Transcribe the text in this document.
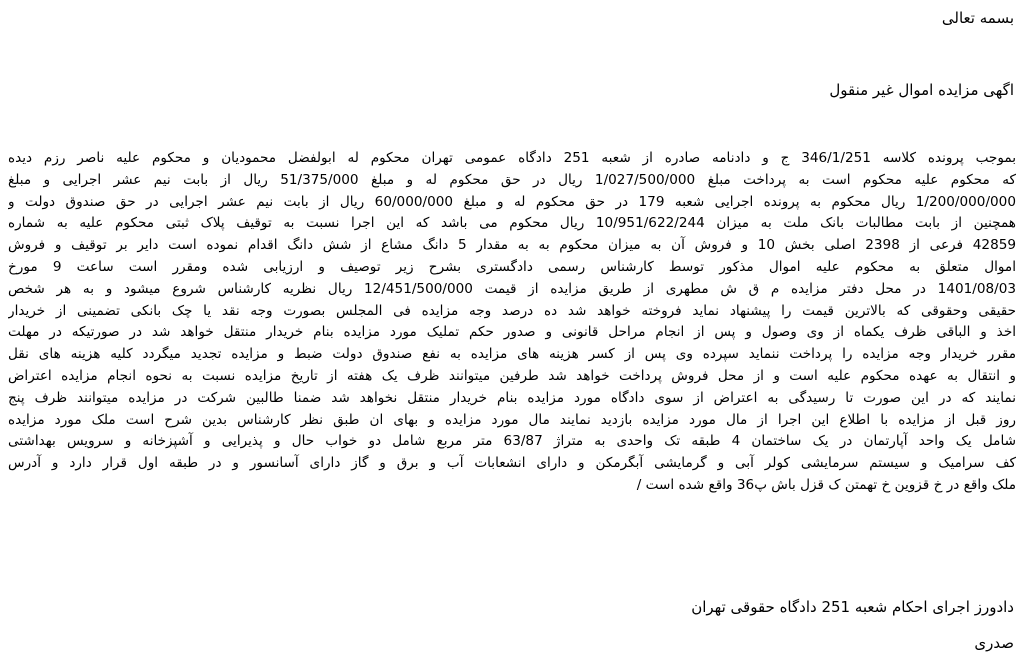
بسمه تعالی

اگهی مزایده اموال غیر منقول

بموجب پرونده کلاسه 346/1/251 ج و دادنامه صادره از شعبه 251 دادگاه عمومی تهران محکوم له ابولفضل محمودیان و محکوم علیه ناصر رزم دیده
که محکوم علیه محکوم است به پرداخت مبلغ 1/027/500/000 ریال در حق محکوم له و مبلغ 51/375/000 ریال از بابت نیم عشر اجرایی و مبلغ
1/200/000/000 ریال محکوم به پرونده اجرایی شعبه 179 در حق محکوم له و مبلغ 60/000/000 ریال از بابت نیم عشر اجرایی در حق صندوق دولت و
همچنین از بابت مطالبات بانک ملت به میزان 10/951/622/244 ریال محکوم می باشد که این اجرا نسبت به توقیف پلاک ثبتی محکوم علیه به شماره
42859 فرعی از 2398 اصلی بخش 10 و فروش آن به میزان محکوم به به مقدار 5 دانگ مشاع از شش دانگ اقدام نموده است دایر بر توقیف و فروش
اموال متعلق به محکوم علیه اموال مذکور توسط کارشناس رسمی دادگستری بشرح زیر توصیف و ارزیابی شده ومقرر است ساعت 9 مورخ
1401/08/03 در محل دفتر مزایده م ق ش مطهری از طریق مزایده از قیمت 12/451/500/000 ریال نظریه کارشناس شروع میشود و به هر شخص
حقیقی وحقوقی که بالاترین قیمت را پیشنهاد نماید فروخته خواهد شد ده درصد وجه مزایده فی المجلس بصورت وجه نقد یا چک بانکی تضمینی از خریدار
اخذ و الباقی ظرف یکماه از وی وصول و پس از انجام مراحل قانونی و صدور حکم تملیک مورد مزایده بنام خریدار منتقل خواهد شد در صورتیکه در مهلت
مقرر خریدار وجه مزایده را پرداخت ننماید سپرده وی پس از کسر هزینه های مزایده به نفع صندوق دولت ضبط و مزایده تجدید میگردد کلیه هزینه های نقل
و انتقال به عهده محکوم علیه است و از محل فروش پرداخت خواهد شد طرفین میتوانند ظرف یک هفته از تاریخ مزایده نسبت به نحوه انجام مزایده اعتراض
نمایند که در این صورت تا رسیدگی به اعتراض از سوی دادگاه مورد مزایده بنام خریدار منتقل نخواهد شد ضمنا طالبین شرکت در مزایده میتوانند ظرف پنج
روز قبل از مزایده با اطلاع این اجرا از مال مورد مزایده بازدید نمایند مال مورد مزایده و بهای ان طبق نظر کارشناس بدین شرح است ملک مورد مزایده
شامل یک واحد آپارتمان در یک ساختمان 4 طبقه تک واحدی به متراژ 63/87 متر مربع شامل دو خواب حال و پذیرایی و آشپزخانه و سرویس بهداشتی
کف سرامیک و سیستم سرمایشی کولر آبی و گرمایشی آبگرمکن و دارای انشعابات آب و برق و گاز دارای آسانسور و در طبقه اول قرار دارد و آدرس
ملک واقع در خ قزوین خ تهمتن ک قزل باش پ36 واقع شده است /

دادورز اجرای احکام شعبه 251 دادگاه حقوقی تهران

صدری
